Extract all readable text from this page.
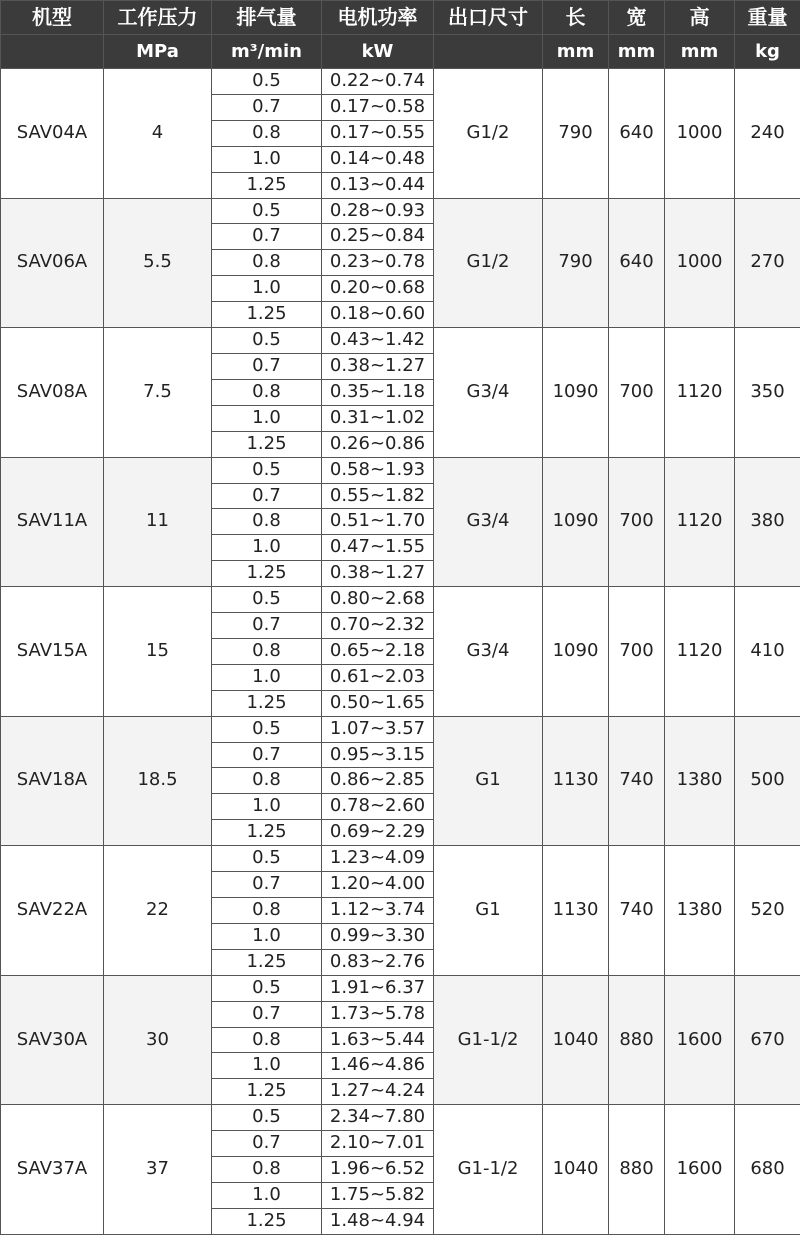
机型	工作压力	排气量	电机功率	出口尺寸	长	宽	高	重量
	MPa	m³/min	kW		mm	mm	mm	kg
SAV04A	4	0.5	0.22~0.74	G1/2	790	640	1000	240
		0.7	0.17~0.58					
		0.8	0.17~0.55					
		1.0	0.14~0.48					
		1.25	0.13~0.44					
SAV06A	5.5	0.5	0.28~0.93	G1/2	790	640	1000	270
		0.7	0.25~0.84					
		0.8	0.23~0.78					
		1.0	0.20~0.68					
		1.25	0.18~0.60					
SAV08A	7.5	0.5	0.43~1.42	G3/4	1090	700	1120	350
		0.7	0.38~1.27					
		0.8	0.35~1.18					
		1.0	0.31~1.02					
		1.25	0.26~0.86					
SAV11A	11	0.5	0.58~1.93	G3/4	1090	700	1120	380
		0.7	0.55~1.82					
		0.8	0.51~1.70					
		1.0	0.47~1.55					
		1.25	0.38~1.27					
SAV15A	15	0.5	0.80~2.68	G3/4	1090	700	1120	410
		0.7	0.70~2.32					
		0.8	0.65~2.18					
		1.0	0.61~2.03					
		1.25	0.50~1.65					
SAV18A	18.5	0.5	1.07~3.57	G1	1130	740	1380	500
		0.7	0.95~3.15					
		0.8	0.86~2.85					
		1.0	0.78~2.60					
		1.25	0.69~2.29					
SAV22A	22	0.5	1.23~4.09	G1	1130	740	1380	520
		0.7	1.20~4.00					
		0.8	1.12~3.74					
		1.0	0.99~3.30					
		1.25	0.83~2.76					
SAV30A	30	0.5	1.91~6.37	G1-1/2	1040	880	1600	670
		0.7	1.73~5.78					
		0.8	1.63~5.44					
		1.0	1.46~4.86					
		1.25	1.27~4.24					
SAV37A	37	0.5	2.34~7.80	G1-1/2	1040	880	1600	680
		0.7	2.10~7.01					
		0.8	1.96~6.52					
		1.0	1.75~5.82					
		1.25	1.48~4.94					
